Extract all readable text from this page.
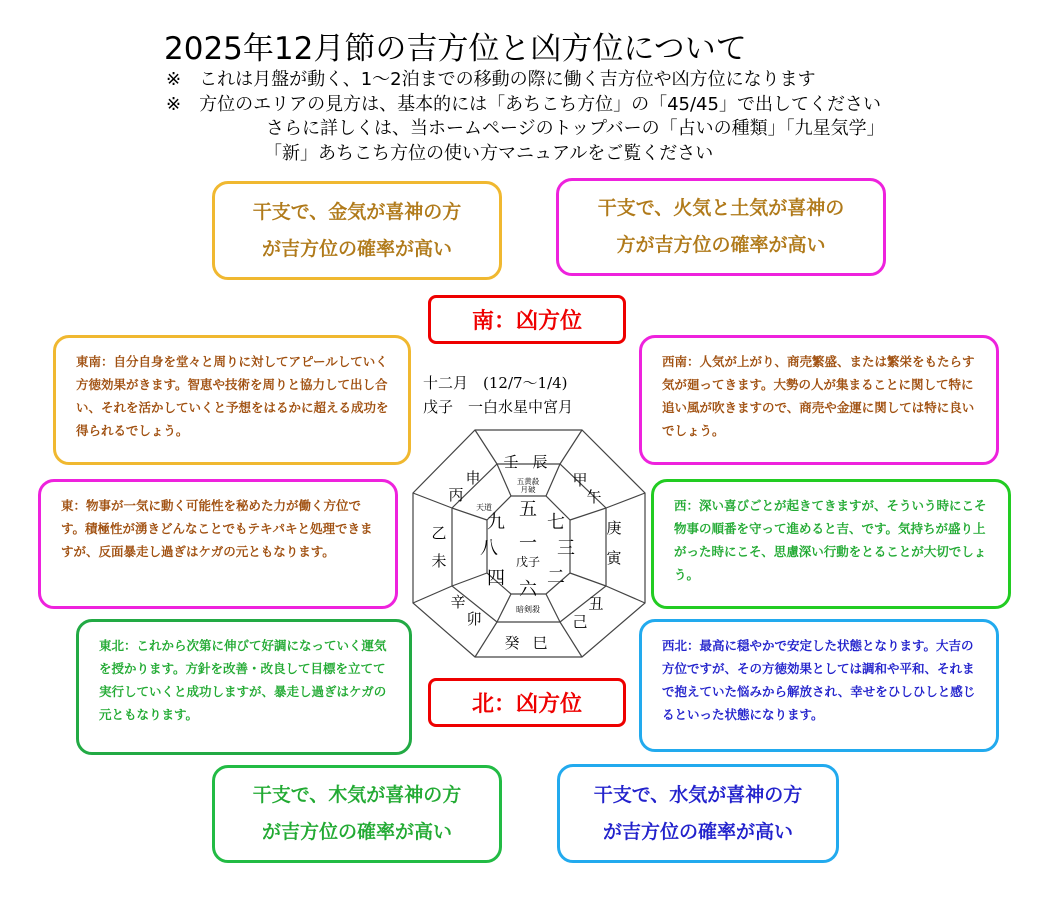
2025年12月節の吉方位と凶方位について
※　これは月盤が動く、1～2泊までの移動の際に働く吉方位や凶方位になります
※　方位のエリアの見方は、基本的には「あちこち方位」の「45/45」で出してください
さらに詳しくは、当ホームページのトップバーの「占いの種類」「九星気学」
「新」あちこち方位の使い方マニュアルをご覧ください
干支で、金気が喜神の方
が吉方位の確率が高い
干支で、火気と土気が喜神の
方が吉方位の確率が高い
干支で、木気が喜神の方
が吉方位の確率が高い
干支で、水気が喜神の方
が吉方位の確率が高い
南：凶方位
北：凶方位
東南：自分自身を堂々と周りに対してアピールしていく方徳効果がきます。智恵や技術を周りと協力して出し合い、それを活かしていくと予想をはるかに超える成功を得られるでしょう。
東：物事が一気に動く可能性を秘めた力が働く方位です。積極性が湧きどんなことでもテキパキと処理できますが、反面暴走し過ぎはケガの元ともなります。
東北：これから次第に伸びて好調になっていく運気を授かります。方針を改善・改良して目標を立てて実行していくと成功しますが、暴走し過ぎはケガの元ともなります。
西南：人気が上がり、商売繁盛、または繁栄をもたらす気が廻ってきます。大勢の人が集まることに関して特に追い風が吹きますので、商売や金運に関しては特に良いでしょう。
西：深い喜びごとが起きてきますが、そういう時にこそ物事の順番を守って進めると吉、です。気持ちが盛り上がった時にこそ、思慮深い行動をとることが大切でしょう。
西北：最高に穏やかで安定した状態となります。大吉の方位ですが、その方徳効果としては調和や平和、それまで抱えていた悩みから解放され、幸せをひしひしと感じるといった状態になります。
十二月　(12/7～1/4)
戊子　一白水星中宮月
壬 辰
甲
午
庚
寅
丑
己
癸 巳
辛
卯
乙
未
丙
申
五
七
三
二
六
四
八
九
一
戊子
五黄殺
月破
暗剣殺
天道
